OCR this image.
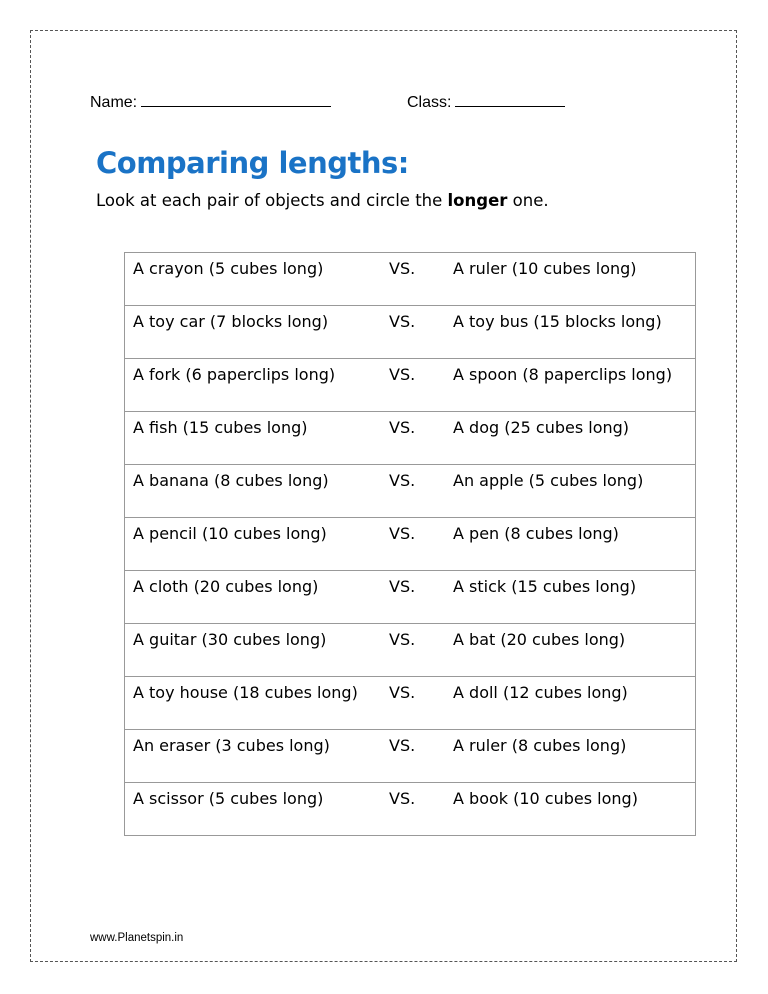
Name:	Class:
Comparing lengths:
Look at each pair of objects and circle the longer one.
A crayon (5 cubes long)	VS.	A ruler (10 cubes long)
A toy car (7 blocks long)	VS.	A toy bus (15 blocks long)
A fork (6 paperclips long)	VS.	A spoon (8 paperclips long)
A fish (15 cubes long)	VS.	A dog (25 cubes long)
A banana (8 cubes long)	VS.	An apple (5 cubes long)
A pencil (10 cubes long)	VS.	A pen (8 cubes long)
A cloth (20 cubes long)	VS.	A stick (15 cubes long)
A guitar (30 cubes long)	VS.	A bat (20 cubes long)
A toy house (18 cubes long)	VS.	A doll (12 cubes long)
An eraser (3 cubes long)	VS.	A ruler (8 cubes long)
A scissor (5 cubes long)	VS.	A book (10 cubes long)
www.Planetspin.in
